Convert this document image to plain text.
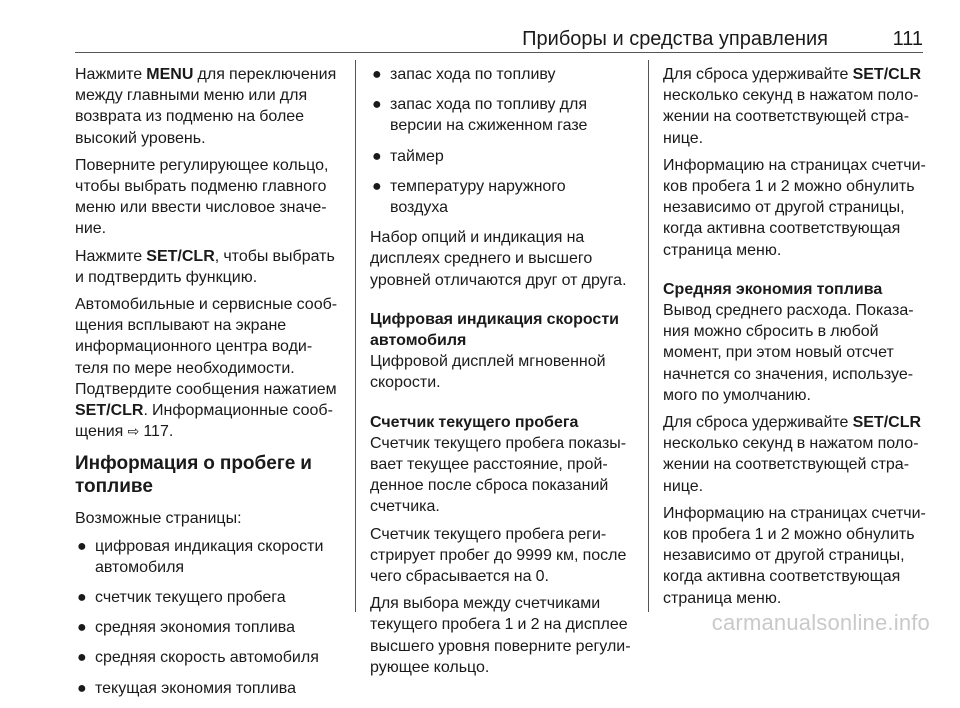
Приборы и средства управления	111

Нажмите MENU для переключения
между главными меню или для
возврата из подменю на более
высокий уровень.

Поверните регулирующее кольцо,
чтобы выбрать подменю главного
меню или ввести числовое значе-
ние.

Нажмите SET/CLR, чтобы выбрать
и подтвердить функцию.

Автомобильные и сервисные сооб-
щения всплывают на экране
информационного центра води-
теля по мере необходимости.
Подтвердите сообщения нажатием
SET/CLR. Информационные сооб-
щения ⇨ 117.

Информация о пробеге и
топливе

Возможные страницы:

● цифровая индикация скорости
автомобиля
● счетчик текущего пробега
● средняя экономия топлива
● средняя скорость автомобиля
● текущая экономия топлива
● запас хода по топливу
● запас хода по топливу для
версии на сжиженном газе
● таймер
● температуру наружного
воздуха

Набор опций и индикация на
дисплеях среднего и высшего
уровней отличаются друг от друга.

Цифровая индикация скорости
автомобиля
Цифровой дисплей мгновенной
скорости.

Счетчик текущего пробега
Счетчик текущего пробега показы-
вает текущее расстояние, прой-
денное после сброса показаний
счетчика.

Счетчик текущего пробега реги-
стрирует пробег до 9999 км, после
чего сбрасывается на 0.

Для выбора между счетчиками
текущего пробега 1 и 2 на дисплее
высшего уровня поверните регули-
рующее кольцо.

Для сброса удерживайте SET/CLR
несколько секунд в нажатом поло-
жении на соответствующей стра-
нице.

Информацию на страницах счетчи-
ков пробега 1 и 2 можно обнулить
независимо от другой страницы,
когда активна соответствующая
страница меню.

Средняя экономия топлива
Вывод среднего расхода. Показа-
ния можно сбросить в любой
момент, при этом новый отсчет
начнется со значения, используе-
мого по умолчанию.

Для сброса удерживайте SET/CLR
несколько секунд в нажатом поло-
жении на соответствующей стра-
нице.

Информацию на страницах счетчи-
ков пробега 1 и 2 можно обнулить
независимо от другой страницы,
когда активна соответствующая
страница меню.

carmanualsonline.info
